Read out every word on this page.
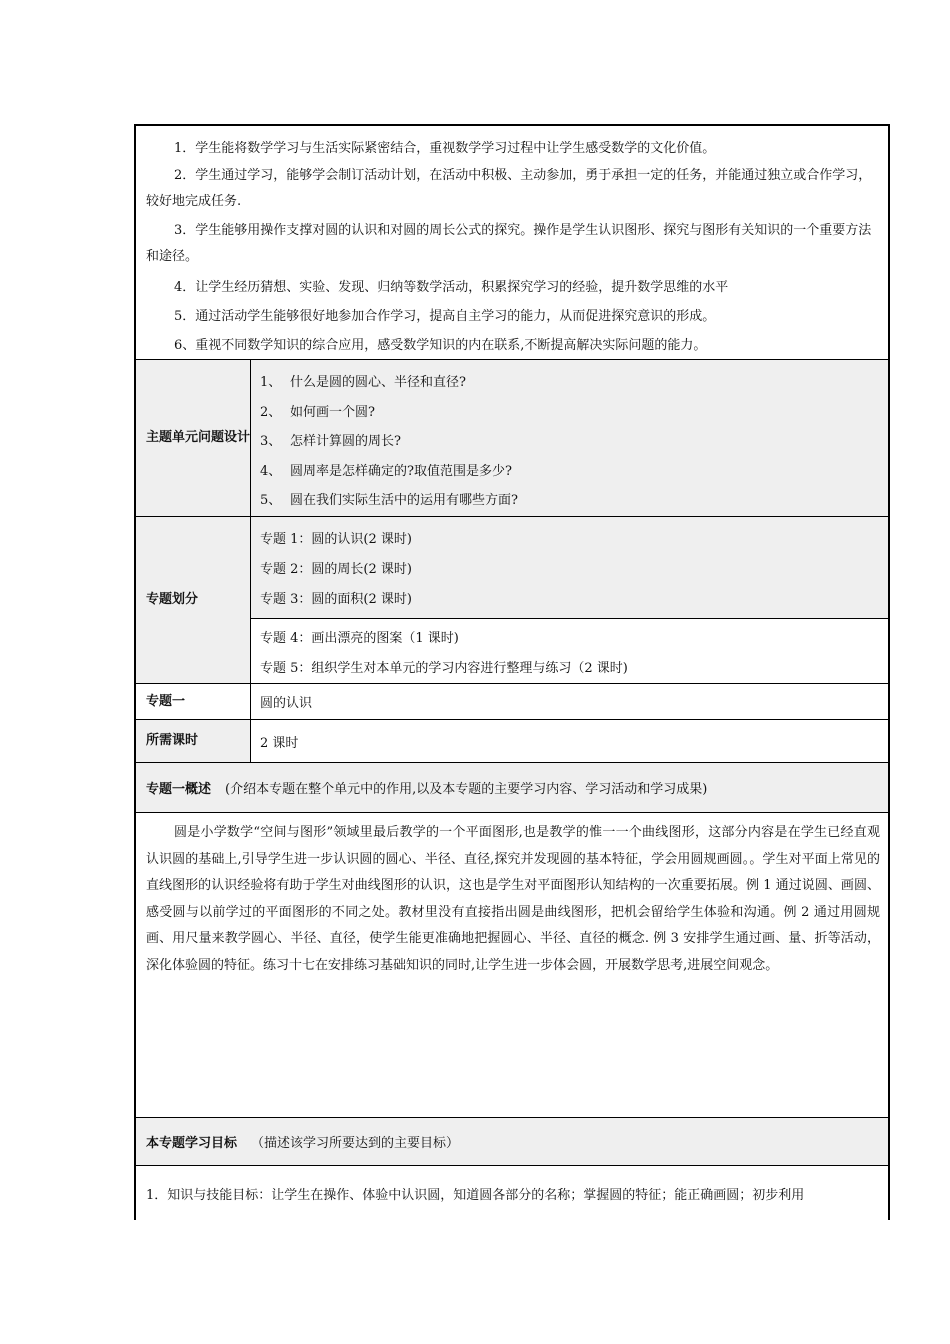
1．学生能将数学学习与生活实际紧密结合，重视数学学习过程中让学生感受数学的文化价值。

2．学生通过学习，能够学会制订活动计划，在活动中积极、主动参加，勇于承担一定的任务，并能通过独立或合作学习，较好地完成任务.

3．学生能够用操作支撑对圆的认识和对圆的周长公式的探究。操作是学生认识图形、探究与图形有关知识的一个重要方法和途径。

4．让学生经历猜想、实验、发现、归纳等数学活动，积累探究学习的经验，提升数学思维的水平

5．通过活动学生能够很好地参加合作学习，提高自主学习的能力，从而促进探究意识的形成。

6、重视不同数学知识的综合应用，感受数学知识的内在联系,不断提高解决实际问题的能力。

主题单元问题设计
1、 什么是圆的圆心、半径和直径?
2、 如何画一个圆?
3、 怎样计算圆的周长?
4、 圆周率是怎样确定的?取值范围是多少?
5、 圆在我们实际生活中的运用有哪些方面?
专题划分
专题 1：圆的认识(2 课时)
专题 2：圆的周长(2 课时)
专题 3：圆的面积(2 课时)
专题 4：画出漂亮的图案（1 课时)
专题 5：组织学生对本单元的学习内容进行整理与练习（2 课时)
专题一	圆的认识
所需课时	2 课时
专题一概述 (介绍本专题在整个单元中的作用,以及本专题的主要学习内容、学习活动和学习成果)

圆是小学数学“空间与图形”领域里最后教学的一个平面图形,也是教学的惟一一个曲线图形，这部分内容是在学生已经直观认识圆的基础上,引导学生进一步认识圆的圆心、半径、直径,探究并发现圆的基本特征，学会用圆规画圆。。学生对平面上常见的直线图形的认识经验将有助于学生对曲线图形的认识，这也是学生对平面图形认知结构的一次重要拓展。例 1 通过说圆、画圆、感受圆与以前学过的平面图形的不同之处。教材里没有直接指出圆是曲线图形，把机会留给学生体验和沟通。例 2 通过用圆规画、用尺量来教学圆心、半径、直径，使学生能更准确地把握圆心、半径、直径的概念. 例 3 安排学生通过画、量、折等活动，深化体验圆的特征。练习十七在安排练习基础知识的同时,让学生进一步体会圆，开展数学思考,进展空间观念。

本专题学习目标 （描述该学习所要达到的主要目标）
1．知识与技能目标：让学生在操作、体验中认识圆，知道圆各部分的名称；掌握圆的特征；能正确画圆；初步利用
